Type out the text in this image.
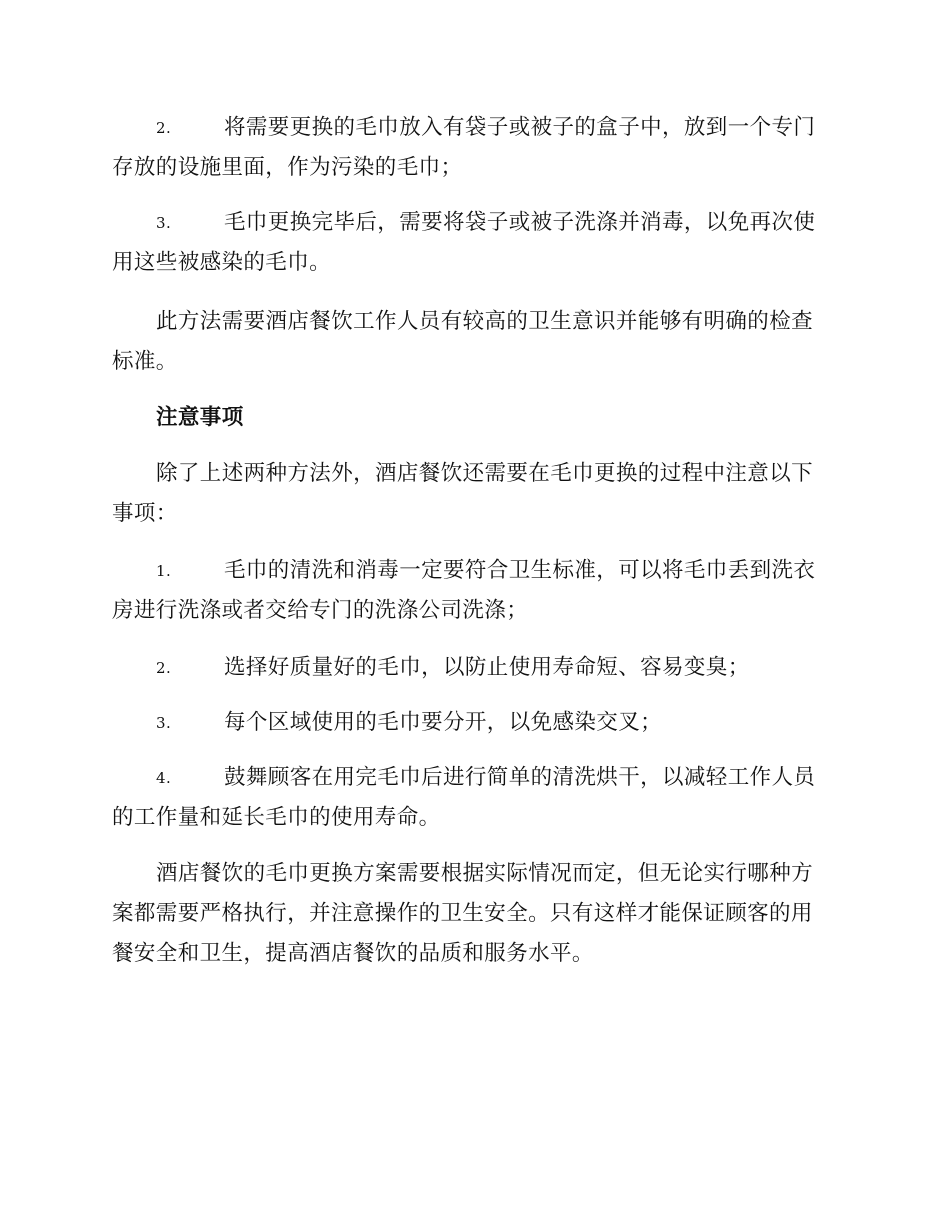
2. 将需要更换的毛巾放入有袋子或被子的盒子中，放到一个专门存放的设施里面，作为污染的毛巾；
3. 毛巾更换完毕后，需要将袋子或被子洗涤并消毒，以免再次使用这些被感染的毛巾。
此方法需要酒店餐饮工作人员有较高的卫生意识并能够有明确的检查标准。
注意事项
除了上述两种方法外，酒店餐饮还需要在毛巾更换的过程中注意以下事项：
1. 毛巾的清洗和消毒一定要符合卫生标准，可以将毛巾丢到洗衣房进行洗涤或者交给专门的洗涤公司洗涤；
2. 选择好质量好的毛巾，以防止使用寿命短、容易变臭；
3. 每个区域使用的毛巾要分开，以免感染交叉；
4. 鼓舞顾客在用完毛巾后进行简单的清洗烘干，以减轻工作人员的工作量和延长毛巾的使用寿命。
酒店餐饮的毛巾更换方案需要根据实际情况而定，但无论实行哪种方案都需要严格执行，并注意操作的卫生安全。只有这样才能保证顾客的用餐安全和卫生，提高酒店餐饮的品质和服务水平。
